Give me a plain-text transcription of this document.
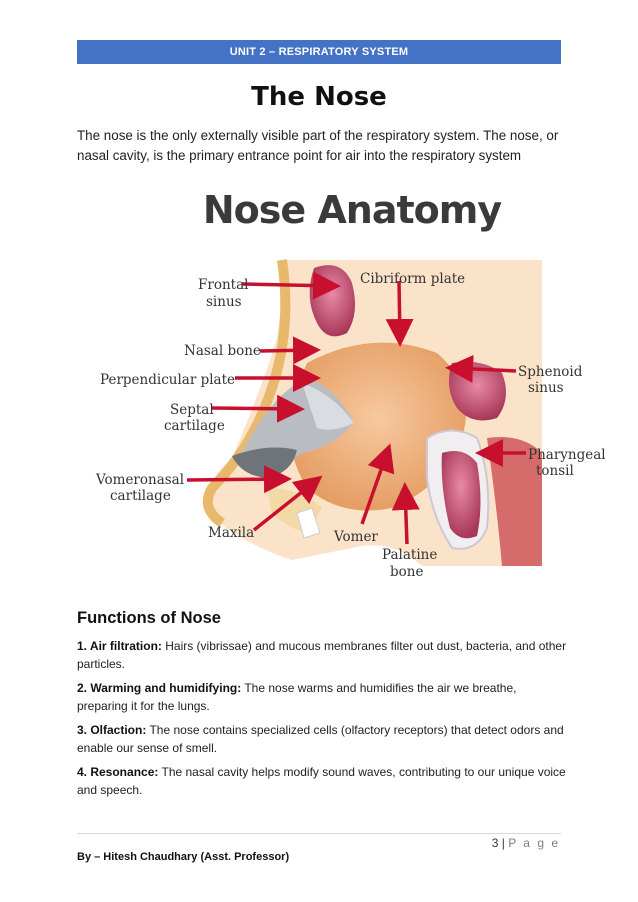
UNIT 2 – RESPIRATORY SYSTEM
The Nose
The nose is the only externally visible part of the respiratory system. The nose, or nasal cavity, is the primary entrance point for air into the respiratory system
Frontal
sinus
Cibriform plate
Nasal bone
Perpendicular plate
Septal
cartilage
Vomeronasal
cartilage
Maxila	Vomer
Palatine
bone
Sphenoid
sinus
Pharyngeal
tonsil
Nose Anatomy
Functions of Nose
1. Air filtration: Hairs (vibrissae) and mucous membranes filter out dust, bacteria, and other particles.
2. Warming and humidifying: The nose warms and humidifies the air we breathe, preparing it for the lungs.
3. Olfaction: The nose contains specialized cells (olfactory receptors) that detect odors and enable our sense of smell.
4. Resonance: The nasal cavity helps modify sound waves, contributing to our unique voice and speech.
3 | P a g e
By – Hitesh Chaudhary (Asst. Professor)
